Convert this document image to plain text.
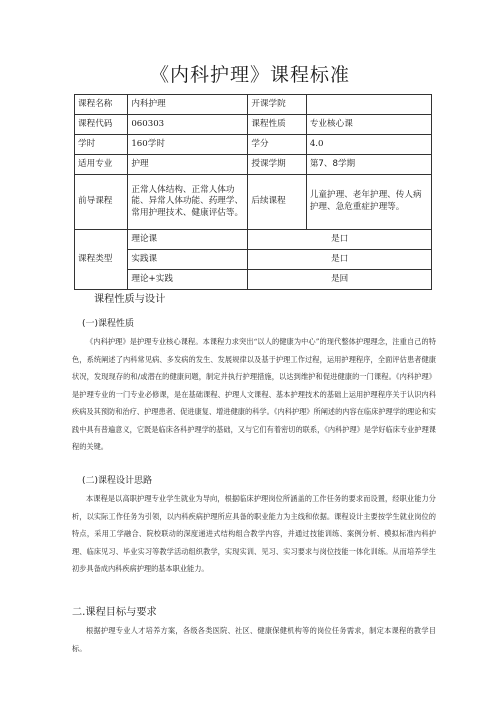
《内科护理》课程标准
课程名称	内科护理	开课学院	
课程代码	060303	课程性质	专业核心课
学时	160学时	学分	4.0
适用专业	护理	授课学期	第7、8学期
前导课程	正常人体结构、正常人体功能、异常人体功能、药理学、常用护理技术、健康评估等。	后续课程	儿童护理、老年护理、传人病护理、急危重症护理等。
课程类型	理论课	是口	
	实践课	是口	
	理论+实践	是回	
课程性质与设计
(一)课程性质
《内科护理》是护理专业核心课程。本课程力求突出“以人的健康为中心”的现代整体护理理念，注重自己的特色，系统阐述了内科常见病、多发病的发生、发展规律以及基于护理工作过程，运用护理程序，全面评估患者健康状况，发现现存的和/或潜在的健康问题，制定并执行护理措施，以达到维护和促进健康的一门课程。《内科护理》是护理专业的一门专业必修课，是在基础课程、护理人文课程、基本护理技术的基础上运用护理程序关于认识内科疾病及其预防和治疗、护理患者、促进康复、增进健康的科学。《内科护理》所阐述的内容在临床护理学的理论和实践中具有普遍意义，它既是临床各科护理学的基础，又与它们有着密切的联系，《内科护理》是学好临床专业护理课程的关键。
(二)课程设计思路
本课程是以高职护理专业学生就业为导向，根据临床护理岗位所涵盖的工作任务的要求而设置，经职业能力分析，以实际工作任务为引领，以内科疾病护理所应具备的职业能力为主线和依据。课程设计主要按学生就业岗位的特点，采用工学融合、院校联动的深度递进式结构组合教学内容，并通过技能训练、案例分析、模拟标准内科护理、临床见习、毕业实习等教学活动组织教学，实现实训、见习、实习要求与岗位技能一体化训练。从而培养学生初步具备成内科疾病护理的基本职业能力。
二.课程目标与要求
根据护理专业人才培养方案，各级各类医院、社区、健康保健机构等的岗位任务需求，制定本课程的教学目标。
